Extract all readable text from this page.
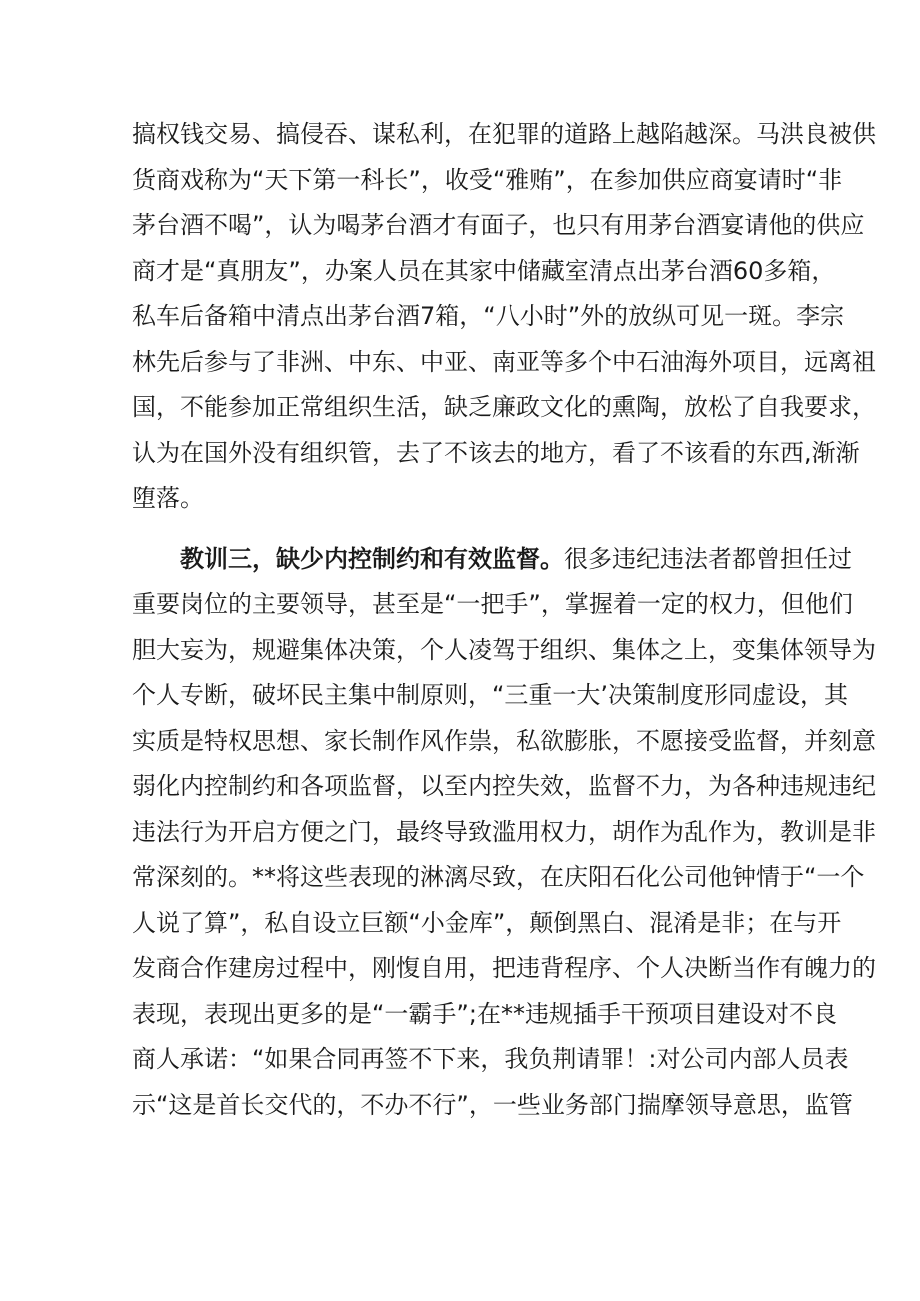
搞权钱交易、搞侵吞、谋私利，在犯罪的道路上越陷越深。马洪良被供
货商戏称为“天下第一科长”，收受“雅贿”，在参加供应商宴请时“非
茅台酒不喝”，认为喝茅台酒才有面子，也只有用茅台酒宴请他的供应
商才是“真朋友”，办案人员在其家中储藏室清点出茅台酒60多箱，
私车后备箱中清点出茅台酒7箱，“八小时”外的放纵可见一斑。李宗
林先后参与了非洲、中东、中亚、南亚等多个中石油海外项目，远离祖
国，不能参加正常组织生活，缺乏廉政文化的熏陶，放松了自我要求，
认为在国外没有组织管，去了不该去的地方，看了不该看的东西,渐渐
堕落。
教训三，缺少内控制约和有效监督。很多违纪违法者都曾担任过
重要岗位的主要领导，甚至是“一把手”，掌握着一定的权力，但他们
胆大妄为，规避集体决策，个人凌驾于组织、集体之上，变集体领导为
个人专断，破坏民主集中制原则，“三重一大’决策制度形同虚设，其
实质是特权思想、家长制作风作祟，私欲膨胀，不愿接受监督，并刻意
弱化内控制约和各项监督，以至内控失效，监督不力，为各种违规违纪
违法行为开启方便之门，最终导致滥用权力，胡作为乱作为，教训是非
常深刻的。**将这些表现的淋漓尽致，在庆阳石化公司他钟情于“一个
人说了算”，私自设立巨额“小金库”，颠倒黑白、混淆是非；在与开
发商合作建房过程中，刚愎自用，把违背程序、个人决断当作有魄力的
表现，表现出更多的是“一霸手”;在**违规插手干预项目建设对不良
商人承诺：“如果合同再签不下来，我负荆请罪！:对公司内部人员表
示“这是首长交代的，不办不行”，一些业务部门揣摩领导意思，监管
